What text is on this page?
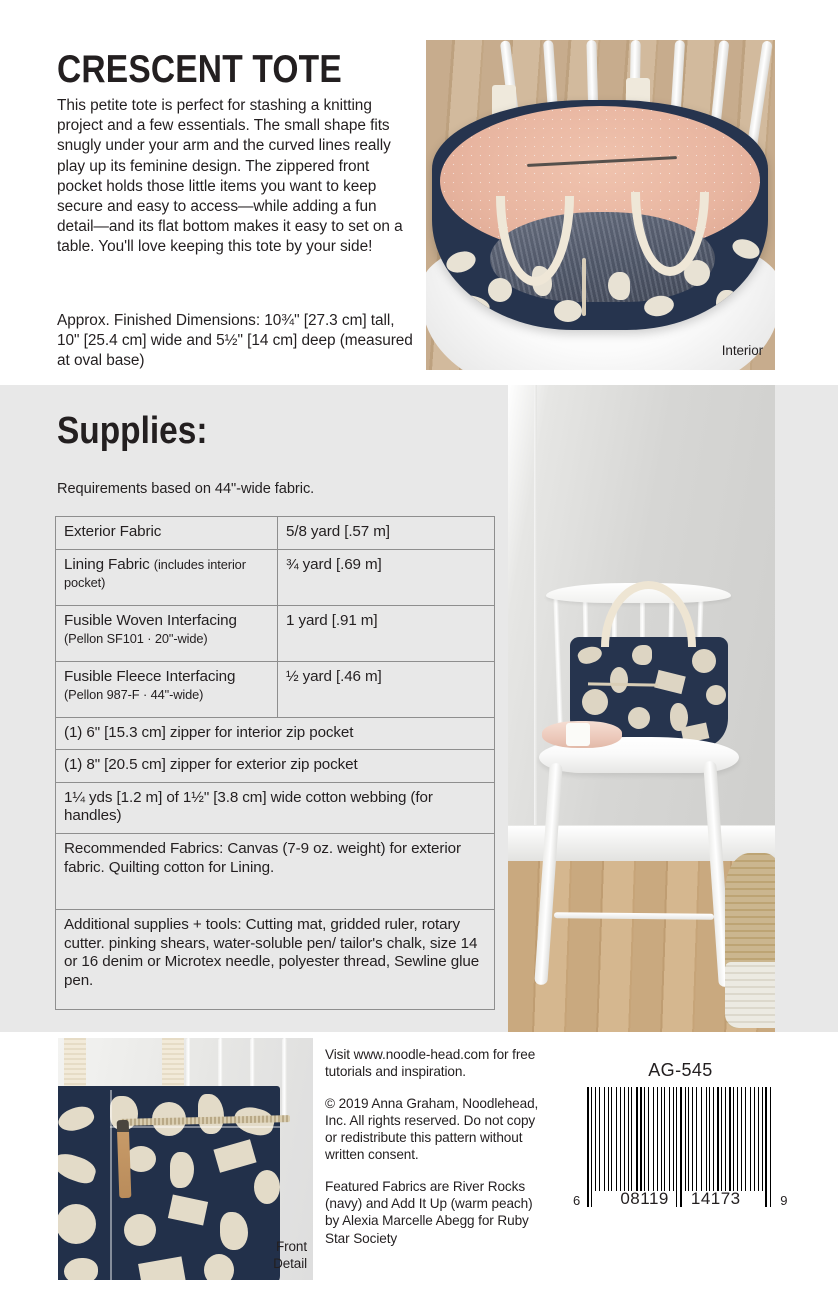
CRESCENT TOTE

This petite tote is perfect for stashing a knitting project and a few essentials. The small shape fits snugly under your arm and the curved lines really play up its feminine design. The zippered front pocket holds those little items you want to keep secure and easy to access—while adding a fun detail—and its flat bottom makes it easy to set on a table. You'll love keeping this tote by your side!

Approx. Finished Dimensions: 10¾" [27.3 cm] tall, 10" [25.4 cm] wide and 5½" [14 cm] deep (measured at oval base)

Interior
Supplies:

Requirements based on 44"-wide fabric.

Exterior Fabric	5/8 yard [.57 m]
Lining Fabric (includes interior pocket)	¾ yard [.69 m]
Fusible Woven Interfacing
(Pellon SF101 · 20"-wide)	1 yard [.91 m]
Fusible Fleece Interfacing
(Pellon 987-F · 44"-wide)	½ yard [.46 m]
(1) 6" [15.3 cm] zipper for interior zip pocket	
(1) 8" [20.5 cm] zipper for exterior zip pocket	
1¼ yds [1.2 m] of 1½" [3.8 cm] wide cotton webbing (for handles)	
Recommended Fabrics: Canvas (7-9 oz. weight) for exterior fabric. Quilting cotton for Lining.	
Additional supplies + tools: Cutting mat, gridded ruler, rotary cutter. pinking shears, water-soluble pen/ tailor's chalk, size 14 or 16 denim or Microtex needle, polyester thread, Sewline glue pen.	
Front
Detail

Visit www.noodle-head.com for free tutorials and inspiration.

© 2019 Anna Graham, Noodlehead, Inc. All rights reserved. Do not copy or redistribute this pattern without written consent.

Featured Fabrics are River Rocks (navy) and Add It Up (warm peach) by Alexia Marcelle Abegg for Ruby Star Society

AG-545
6 08119 14173	9
